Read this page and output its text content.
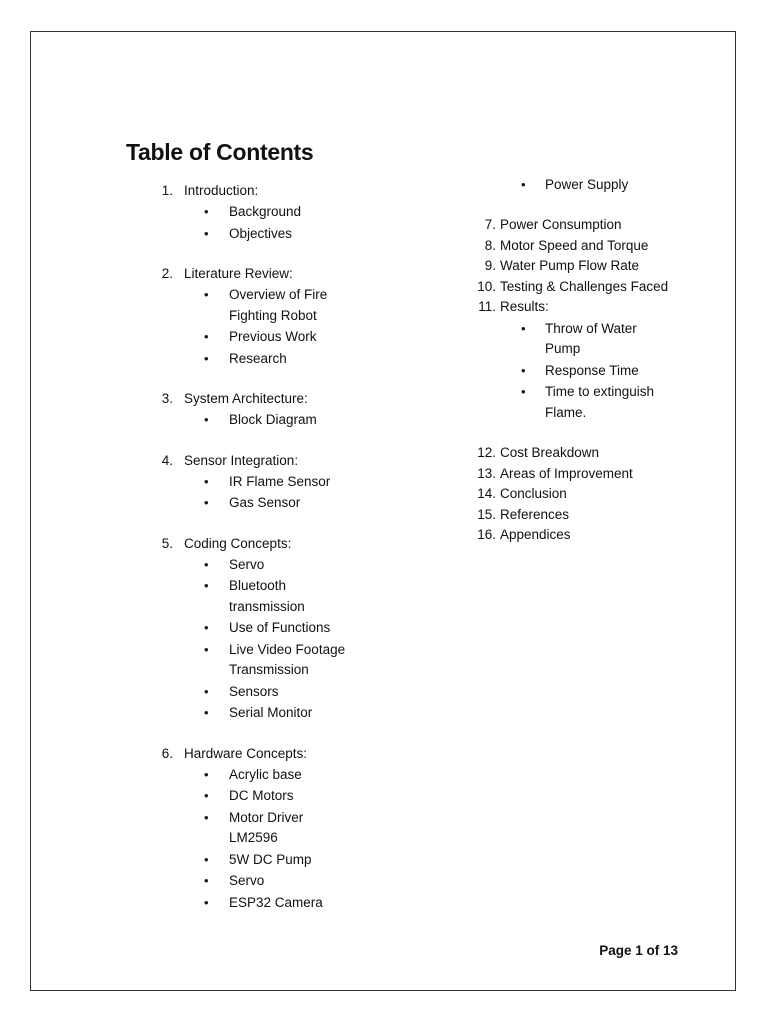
Table of Contents
1. Introduction:
• Background
• Objectives
2. Literature Review:
• Overview of Fire
Fighting Robot
• Previous Work
• Research
3. System Architecture:
• Block Diagram
4. Sensor Integration:
• IR Flame Sensor
• Gas Sensor
5. Coding Concepts:
• Servo
• Bluetooth
transmission
• Use of Functions
• Live Video Footage
Transmission
• Sensors
• Serial Monitor
6. Hardware Concepts:
• Acrylic base
• DC Motors
• Motor Driver
LM2596
• 5W DC Pump
• Servo
• ESP32 Camera
• Power Supply
7. Power Consumption
8. Motor Speed and Torque
9. Water Pump Flow Rate
10. Testing & Challenges Faced
11. Results:
• Throw of Water
Pump
• Response Time
• Time to extinguish
Flame.
12. Cost Breakdown
13. Areas of Improvement
14. Conclusion
15. References
16. Appendices
Page 1 of 13
